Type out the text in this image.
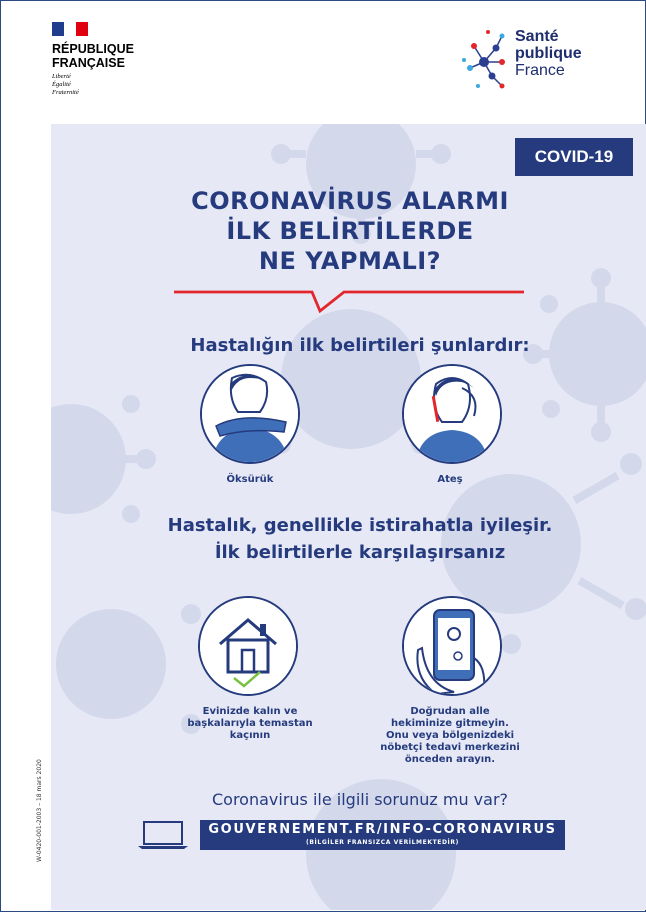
RÉPUBLIQUE
FRANÇAISE
Liberté
Égalité
Fraternité
Santé
publique
France
COVID-19
CORONAVİRUS ALARMI
İLK BELİRTİLERDE
NE YAPMALI?
Hastalığın ilk belirtileri şunlardır:
Öksürük	Ateş
Hastalık, genellikle istirahatla iyileşir.
İlk belirtilerle karşılaşırsanız
Evinizde kalın ve
başkalarıyla temastan
kaçının
Doğrudan alle
hekiminize gitmeyin.
Onu veya bölgenizdeki
nöbetçi tedavi merkezini
önceden arayın.
Coronavirus ile ilgili sorunuz mu var?
GOUVERNEMENT.FR/INFO-CORONAVIRUS
(BİLGİLER FRANSIZCA VERİLMEKTEDİR)
W-0420-001-2003 – 18 mars 2020
